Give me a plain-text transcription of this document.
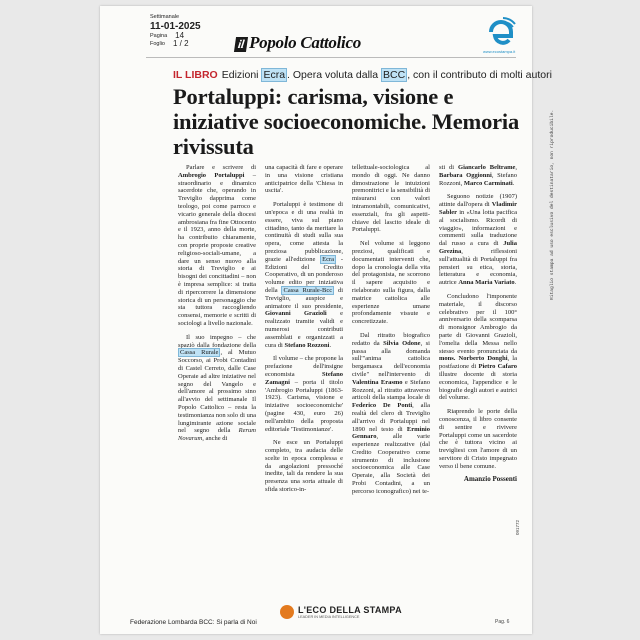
Settimanale
11-01-2025
Pagina 14
Foglio 1 / 2	il Popolo Cattolico	www.ecostampa.it
IL LIBRO Edizioni Ecra . Opera voluta dalla BCC , con il contributo di molti autori
Portaluppi: carisma, visione e iniziative socioeconomiche. Memoria rivissuta

Parlare e scrivere di Ambrogio Portaluppi – straordinario e dinamico sacerdote che, operando in Treviglio dapprima come teologo, poi come parroco e vicario generale della diocesi ambrosiana fra fine Ottocento e il 1923, anno della morte, ha contribuito chiaramente, con proprie proposte creative religioso-sociali-umane, a dare un senso nuovo alla storia di Treviglio e ai bisogni dei concittadini – non è impresa semplice: si tratta di ripercorrere la dimensione storica di un personaggio che sta tuttora raccogliendo consensi, memorie e scritti di sociologi a livello nazionale.

Il suo impegno – che spaziò dalla fondazione della Cassa Rurale , al Mutuo Soccorso, ai Probi Contadini di Castel Cerreto, dalle Case Operaie ad altre iniziative nel segno del Vangelo e dell'amore al prossimo sino all'avvio del settimanale Il Popolo Cattolico – resta la testimonianza non solo di una lungimirante azione sociale nel segno della Rerum Novarum, anche di

una capacità di fare e operare in una visione cristiana anticipatrice della 'Chiesa in uscita'.

Portaluppi è testimone di un'epoca e di una realtà in essere, viva sul piano cittadino, tanto da meritare la continuità di studi sulla sua opera, come attesta la preziosa pubblicazione, grazie all'edizione Ecra - Edizioni del Credito Cooperativo, di un ponderoso volume edito per iniziativa della Cassa Rurale-Bcc di Treviglio, auspice e animatore il suo presidente, Giovanni Grazioli e realizzato tramite validi e numerosi contributi assemblati e organizzati a cura di Stefano Rozzoni.

Il volume – che propone la prefazione dell'insigne economista Stefano Zamagni – porta il titolo 'Ambrogio Portaluppi (1863-1923). Carisma, visione e iniziative socioeconomiche' (pagine 430, euro 26) nell'ambito della proposta editoriale 'Testimonianze'.

Ne esce un Portaluppi completo, tra audacia delle scelte in epoca complessa e da angolazioni pressoché inedite, tali da rendere la sua presenza una sorta attuale di sfida storico-in-

tellettuale-sociologica al mondo di oggi. Ne danno dimostrazione le intuizioni premonitrici e la sensibilità di misurarsi con valori intramontabili, comunicativi, essenziali, fra gli aspetti-chiave del lascito ideale di Portaluppi.

Nel volume si leggono preziosi, qualificati e documentati interventi che, dopo la cronologia della vita del protagonista, ne scorrono il sapere acquisito e rielaborato sulla figura, dalla matrice cattolica alle esperienze umane profondamente vissute e concretizzate.

Dal ritratto biografico redatto da Silvia Odone, si passa alla domanda sull'"anima cattolica bergamasca dell'economia civile" nell'intervento di Valentina Erasmo e Stefano Rozzoni, al ritratto attraverso articoli della stampa locale di Federico De Ponti, alla realtà del clero di Treviglio all'arrivo di Portaluppi nel 1890 nel testo di Erminio Gennaro, alle varie esperienze realizzative (dal Credito Cooperativo come strumento di inclusione socioeconomica alle Case Operaie, alla Società dei Probi Contadini, a un percorso iconografico) nei te-

sti di Giancarlo Beltrame, Barbara Oggionni, Stefano Rozzoni, Marco Carminati.

Seguono notizie (1907) attinte dall'opera di Vladimir Sabler in «Una lotta pacifica al socialismo. Ricordi di viaggio», informazioni e commenti sulla traduzione dal russo a cura di Julia Grezina, riflessioni sull'attualità di Portaluppi fra pensieri su etica, storia, letteratura e economia, autrice Anna Maria Variato.

Concludono l'imponente materiale, il discorso celebrativo per il 100° anniversario della scomparsa di monsignor Ambrogio da parte di Giovanni Grazioli, l'omelia della Messa nello stesso evento pronunciata da mons. Norberto Donghi, la postfazione di Pietro Cafaro illustre docente di storia economica, l'appendice e le biografie degli autori e autrici del volume.

Riaprendo le porte della conoscenza, il libro consente di sentire e rivivere Portaluppi come un sacerdote che è tuttora vicino ai trevigliesi con l'amore di un servitore di Cristo impegnato verso il bene comune.

Amanzio Possenti
L'ECO DELLA STAMPA
LEADER IN MEDIA INTELLIGENCE
Federazione Lombarda BCC: Si parla di Noi	Pag. 6
Ritaglio stampa ad uso esclusivo del destinatario, non riproducibile.
091772
